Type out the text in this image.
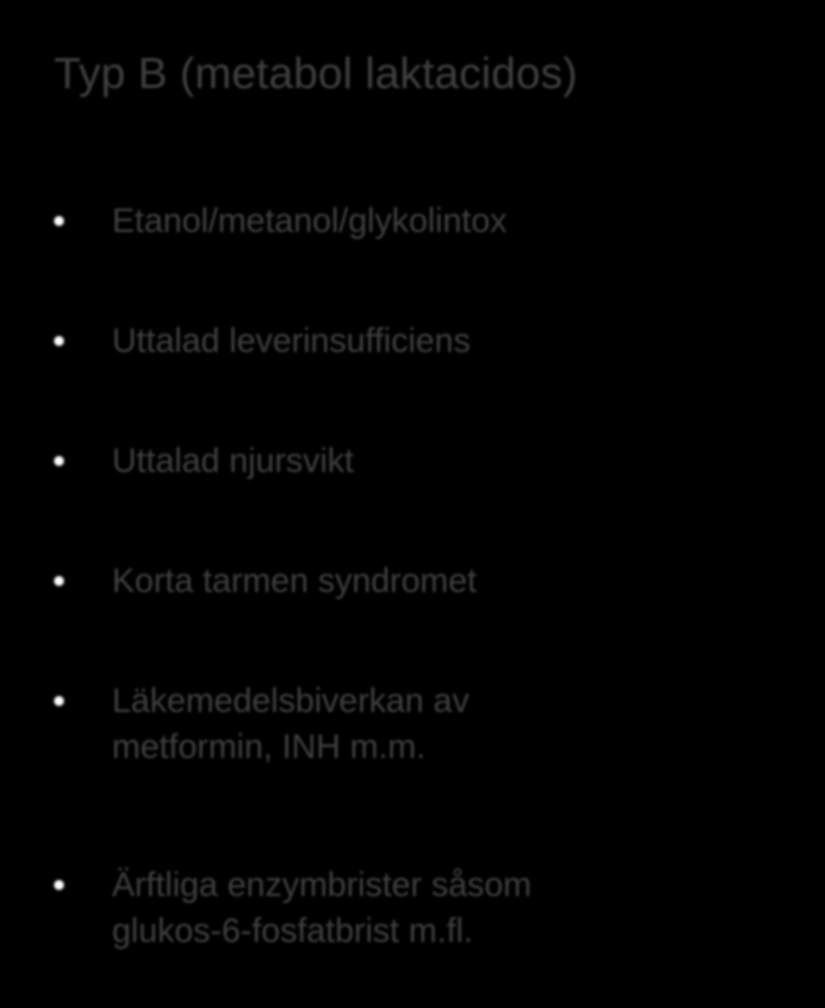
Typ B (metabol laktacidos)
Etanol/metanol/glykolintox
Uttalad leverinsufficiens
Uttalad njursvikt
Korta tarmen syndromet
Läkemedelsbiverkan av
metformin, INH m.m.
Ärftliga enzymbrister såsom
glukos-6-fosfatbrist m.fl.
